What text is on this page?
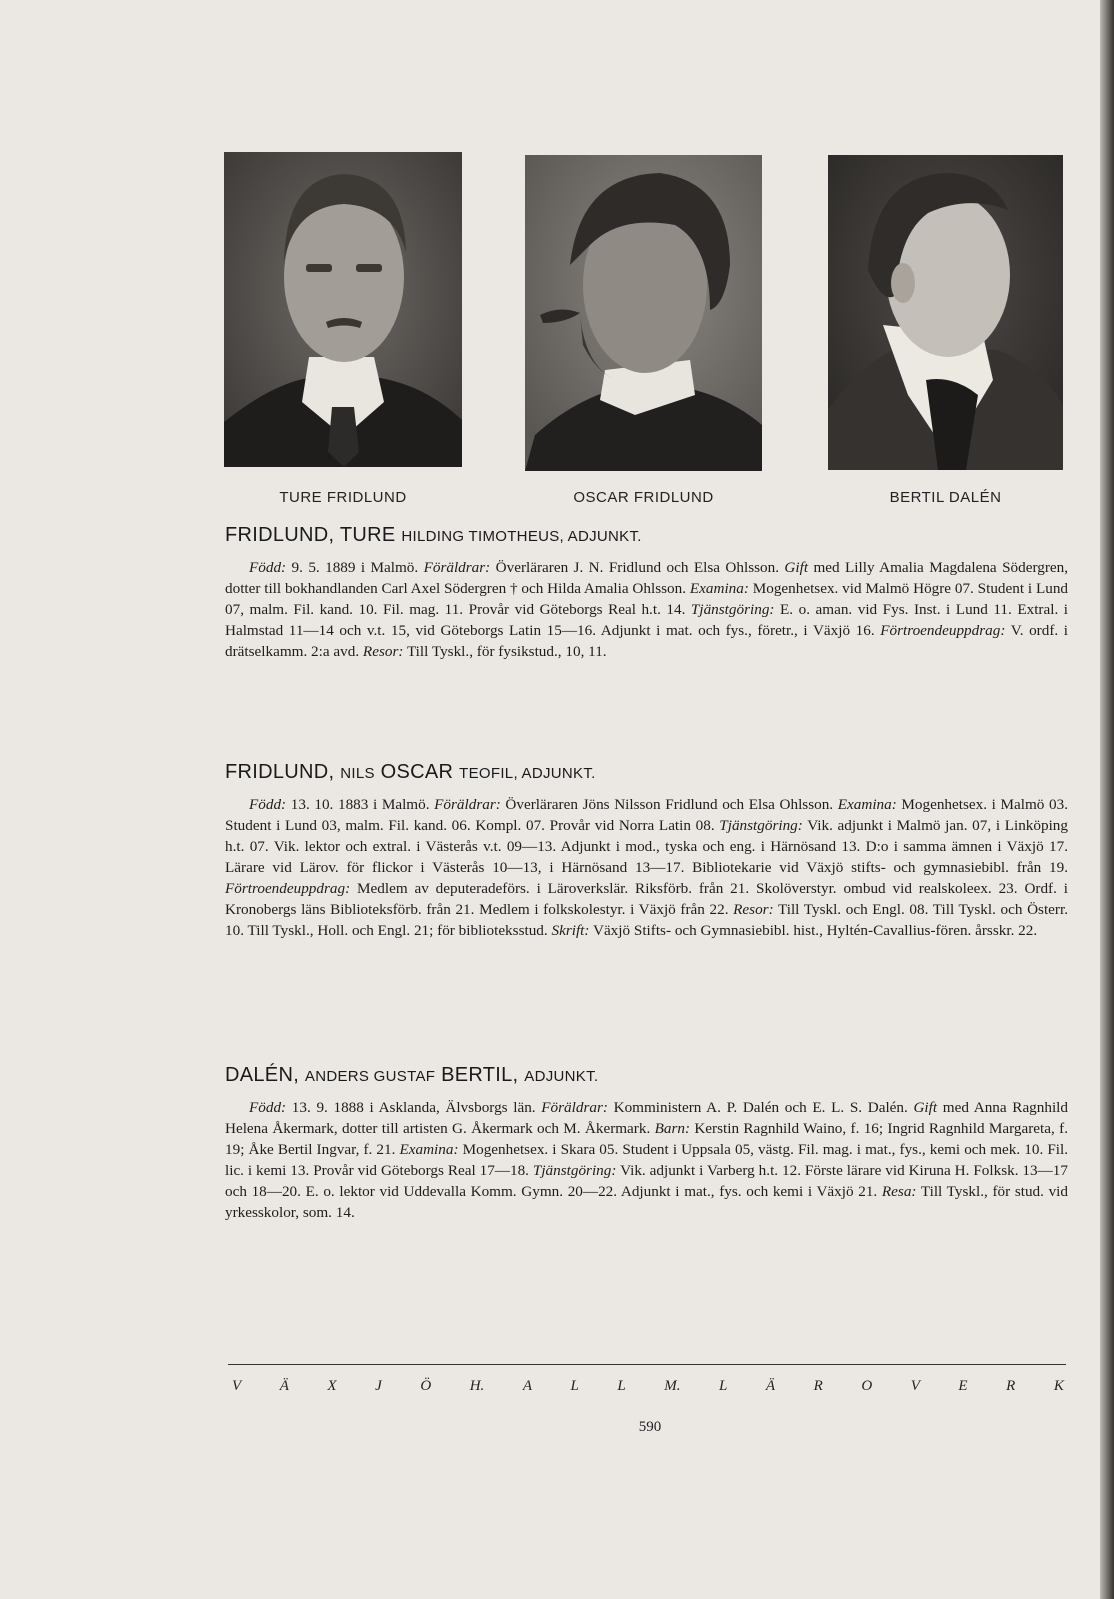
TURE FRIDLUND	OSCAR FRIDLUND	BERTIL DALÉN
FRIDLUND, TURE HILDING TIMOTHEUS, ADJUNKT.

Född: 9. 5. 1889 i Malmö. Föräldrar: Överläraren J. N. Fridlund och Elsa Ohlsson. Gift med Lilly Amalia Magdalena Södergren, dotter till bokhandlanden Carl Axel Södergren † och Hilda Amalia Ohlsson. Examina: Mogenhetsex. vid Malmö Högre 07. Student i Lund 07, malm. Fil. kand. 10. Fil. mag. 11. Provår vid Göteborgs Real h.t. 14. Tjänstgöring: E. o. aman. vid Fys. Inst. i Lund 11. Extral. i Halmstad 11—14 och v.t. 15, vid Göteborgs Latin 15—16. Adjunkt i mat. och fys., företr., i Växjö 16. Förtroendeuppdrag: V. ordf. i drätselkamm. 2:a avd. Resor: Till Tyskl., för fysikstud., 10, 11.

FRIDLUND, NILS OSCAR TEOFIL, ADJUNKT.

Född: 13. 10. 1883 i Malmö. Föräldrar: Överläraren Jöns Nilsson Fridlund och Elsa Ohlsson. Examina: Mogenhetsex. i Malmö 03. Student i Lund 03, malm. Fil. kand. 06. Kompl. 07. Provår vid Norra Latin 08. Tjänstgöring: Vik. adjunkt i Malmö jan. 07, i Linköping h.t. 07. Vik. lektor och extral. i Västerås v.t. 09—13. Adjunkt i mod., tyska och eng. i Härnösand 13. D:o i samma ämnen i Växjö 17. Lärare vid Lärov. för flickor i Västerås 10—13, i Härnösand 13—17. Bibliotekarie vid Växjö stifts- och gymnasiebibl. från 19. Förtroendeuppdrag: Medlem av deputeradeförs. i Läroverkslär. Riksförb. från 21. Skolöverstyr. ombud vid realskoleex. 23. Ordf. i Kronobergs läns Biblioteksförb. från 21. Medlem i folkskolestyr. i Växjö från 22. Resor: Till Tyskl. och Engl. 08. Till Tyskl. och Österr. 10. Till Tyskl., Holl. och Engl. 21; för biblioteksstud. Skrift: Växjö Stifts- och Gymnasiebibl. hist., Hyltén-Cavallius-fören. årsskr. 22.

DALÉN, ANDERS GUSTAF BERTIL, ADJUNKT.

Född: 13. 9. 1888 i Asklanda, Älvsborgs län. Föräldrar: Komministern A. P. Dalén och E. L. S. Dalén. Gift med Anna Ragnhild Helena Åkermark, dotter till artisten G. Åkermark och M. Åkermark. Barn: Kerstin Ragnhild Waino, f. 16; Ingrid Ragnhild Margareta, f. 19; Åke Bertil Ingvar, f. 21. Examina: Mogenhetsex. i Skara 05. Student i Uppsala 05, västg. Fil. mag. i mat., fys., kemi och mek. 10. Fil. lic. i kemi 13. Provår vid Göteborgs Real 17—18. Tjänstgöring: Vik. adjunkt i Varberg h.t. 12. Förste lärare vid Kiruna H. Folksk. 13—17 och 18—20. E. o. lektor vid Uddevalla Komm. Gymn. 20—22. Adjunkt i mat., fys. och kemi i Växjö 21. Resa: Till Tyskl., för stud. vid yrkesskolor, som. 14.

V	Ä	X	J	Ö	H.	A	L	L	M.	L	Ä	R	O	V	E	R	K
590
